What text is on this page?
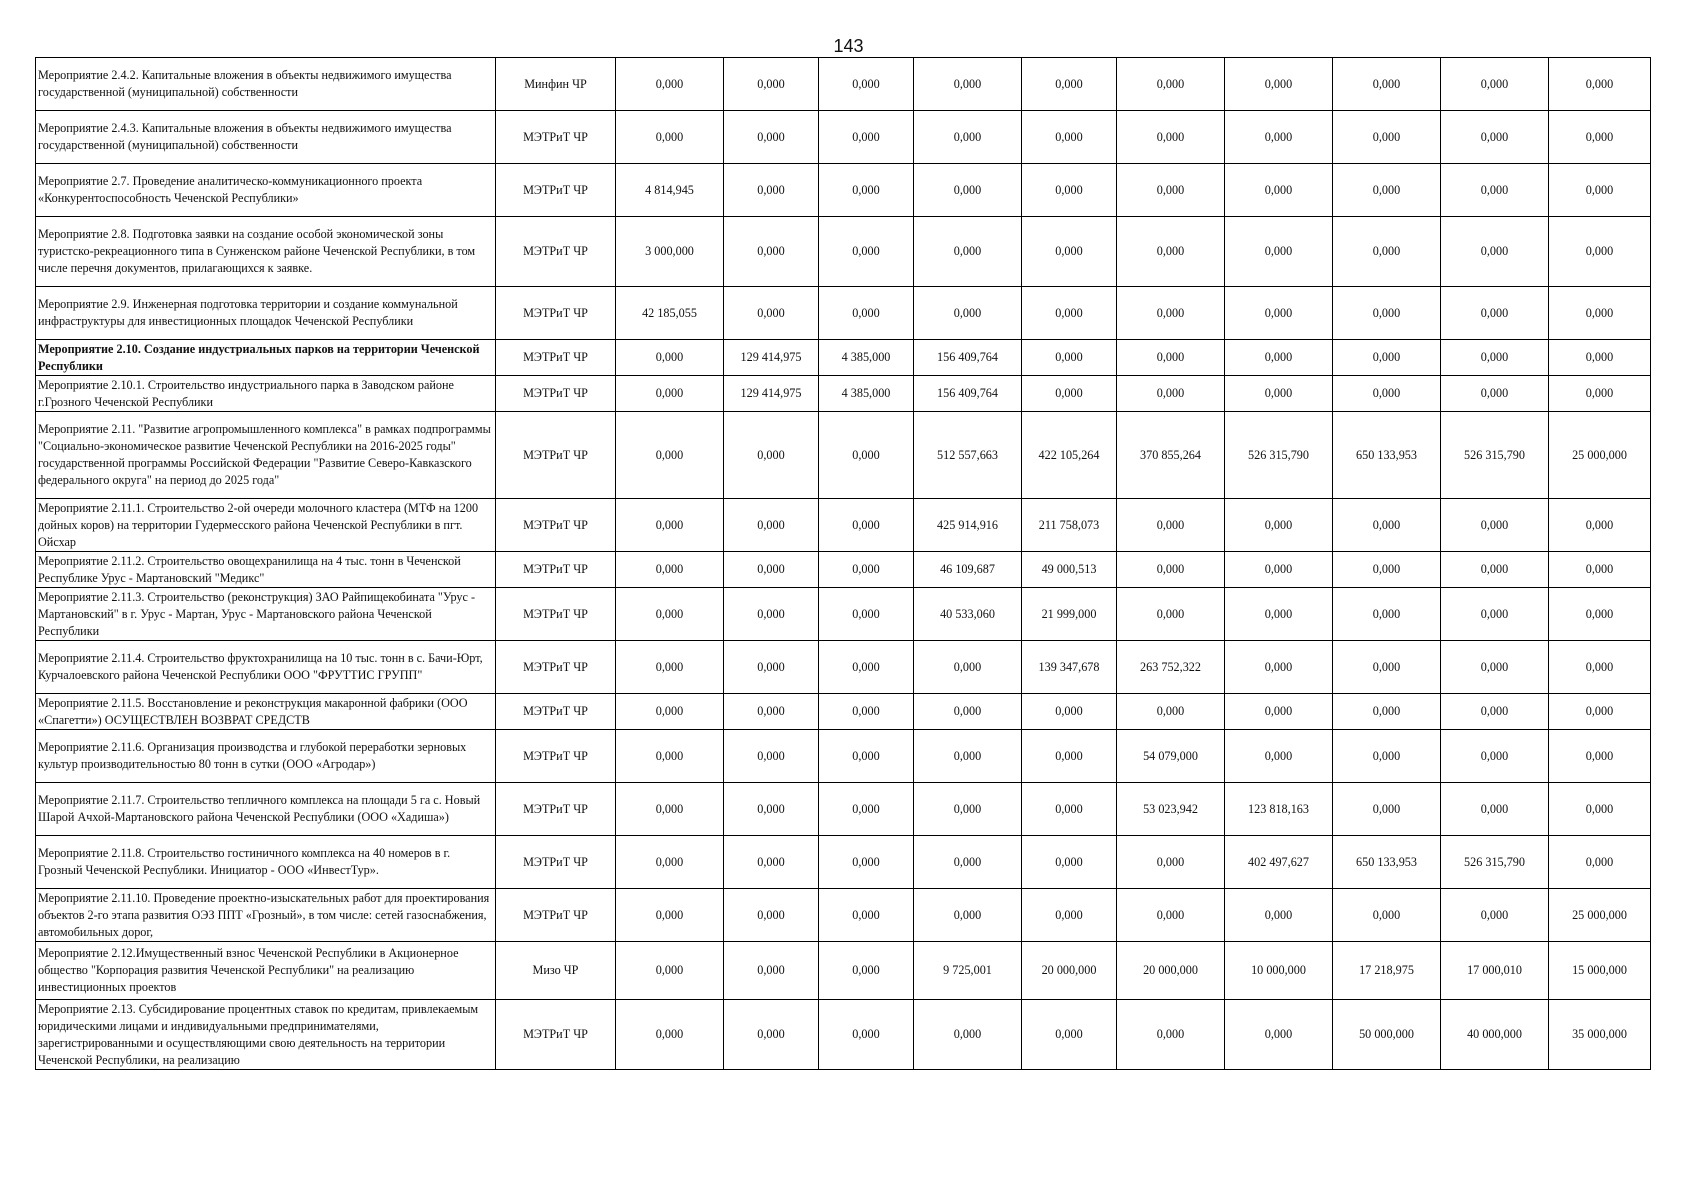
143
Мероприятие 2.4.2. Капитальные вложения в объекты недвижимого имущества государственной (муниципальной) собственности	Минфин ЧР	0,000	0,000	0,000	0,000	0,000	0,000	0,000	0,000	0,000	0,000
Мероприятие 2.4.3. Капитальные вложения в объекты недвижимого имущества государственной (муниципальной) собственности	МЭТРиТ ЧР	0,000	0,000	0,000	0,000	0,000	0,000	0,000	0,000	0,000	0,000
Мероприятие 2.7. Проведение аналитическо-коммуникационного проекта «Конкурентоспособность Чеченской Республики»	МЭТРиТ ЧР	4 814,945	0,000	0,000	0,000	0,000	0,000	0,000	0,000	0,000	0,000
Мероприятие 2.8. Подготовка заявки на создание особой экономической зоны туристско-рекреационного типа в Сунженском районе Чеченской Республики, в том числе перечня документов, прилагающихся к заявке.	МЭТРиТ ЧР	3 000,000	0,000	0,000	0,000	0,000	0,000	0,000	0,000	0,000	0,000
Мероприятие 2.9. Инженерная подготовка территории и создание коммунальной инфраструктуры для инвестиционных площадок Чеченской Республики	МЭТРиТ ЧР	42 185,055	0,000	0,000	0,000	0,000	0,000	0,000	0,000	0,000	0,000
Мероприятие 2.10. Создание индустриальных парков на территории Чеченской Республики	МЭТРиТ ЧР	0,000	129 414,975	4 385,000	156 409,764	0,000	0,000	0,000	0,000	0,000	0,000
Мероприятие 2.10.1. Строительство индустриального парка в Заводском районе г.Грозного Чеченской Республики	МЭТРиТ ЧР	0,000	129 414,975	4 385,000	156 409,764	0,000	0,000	0,000	0,000	0,000	0,000
Мероприятие 2.11. "Развитие агропромышленного комплекса" в рамках подпрограммы "Социально-экономическое развитие Чеченской Республики на 2016-2025 годы" государственной программы Российской Федерации "Развитие Северо-Кавказского федерального округа" на период до 2025 года"	МЭТРиТ ЧР	0,000	0,000	0,000	512 557,663	422 105,264	370 855,264	526 315,790	650 133,953	526 315,790	25 000,000
Мероприятие 2.11.1. Строительство 2-ой очереди молочного кластера (МТФ на 1200 дойных коров) на территории Гудермесского района Чеченской Республики в пгт. Ойсхар	МЭТРиТ ЧР	0,000	0,000	0,000	425 914,916	211 758,073	0,000	0,000	0,000	0,000	0,000
Мероприятие 2.11.2. Строительство овощехранилища на 4 тыс. тонн в Чеченской Республике Урус - Мартановский "Медикс"	МЭТРиТ ЧР	0,000	0,000	0,000	46 109,687	49 000,513	0,000	0,000	0,000	0,000	0,000
Мероприятие 2.11.3. Строительство (реконструкция) ЗАО Райпищекобината "Урус - Мартановский" в г. Урус - Мартан, Урус - Мартановского района Чеченской Республики	МЭТРиТ ЧР	0,000	0,000	0,000	40 533,060	21 999,000	0,000	0,000	0,000	0,000	0,000
Мероприятие 2.11.4. Строительство фруктохранилища на 10 тыс. тонн в с. Бачи-Юрт, Курчалоевского района Чеченской Республики ООО "ФРУТТИС ГРУПП"	МЭТРиТ ЧР	0,000	0,000	0,000	0,000	139 347,678	263 752,322	0,000	0,000	0,000	0,000
Мероприятие 2.11.5. Восстановление и реконструкция макаронной фабрики (ООО «Спагетти») ОСУЩЕСТВЛЕН ВОЗВРАТ СРЕДСТВ	МЭТРиТ ЧР	0,000	0,000	0,000	0,000	0,000	0,000	0,000	0,000	0,000	0,000
Мероприятие 2.11.6. Организация производства и глубокой переработки зерновых культур производительностью 80 тонн в сутки (ООО «Агродар»)	МЭТРиТ ЧР	0,000	0,000	0,000	0,000	0,000	54 079,000	0,000	0,000	0,000	0,000
Мероприятие 2.11.7. Строительство тепличного комплекса на площади 5 га с. Новый Шарой Ачхой-Мартановского района Чеченской Республики (ООО «Хадиша»)	МЭТРиТ ЧР	0,000	0,000	0,000	0,000	0,000	53 023,942	123 818,163	0,000	0,000	0,000
Мероприятие 2.11.8. Строительство гостиничного комплекса на 40 номеров в г. Грозный Чеченской Республики. Инициатор - ООО «ИнвестТур».	МЭТРиТ ЧР	0,000	0,000	0,000	0,000	0,000	0,000	402 497,627	650 133,953	526 315,790	0,000
Мероприятие 2.11.10. Проведение проектно-изыскательных работ для проектирования объектов 2-го этапа развития ОЭЗ ППТ «Грозный», в том числе: сетей газоснабжения, автомобильных дорог,	МЭТРиТ ЧР	0,000	0,000	0,000	0,000	0,000	0,000	0,000	0,000	0,000	25 000,000
Мероприятие 2.12.Имущественный взнос Чеченской Республики в Акционерное общество "Корпорация развития Чеченской Республики" на реализацию инвестиционных проектов	Мизо ЧР	0,000	0,000	0,000	9 725,001	20 000,000	20 000,000	10 000,000	17 218,975	17 000,010	15 000,000
Мероприятие 2.13. Субсидирование процентных ставок по кредитам, привлекаемым юридическими лицами и индивидуальными предпринимателями, зарегистрированными и осуществляющими свою деятельность на территории Чеченской Республики, на реализацию	МЭТРиТ ЧР	0,000	0,000	0,000	0,000	0,000	0,000	0,000	50 000,000	40 000,000	35 000,000
